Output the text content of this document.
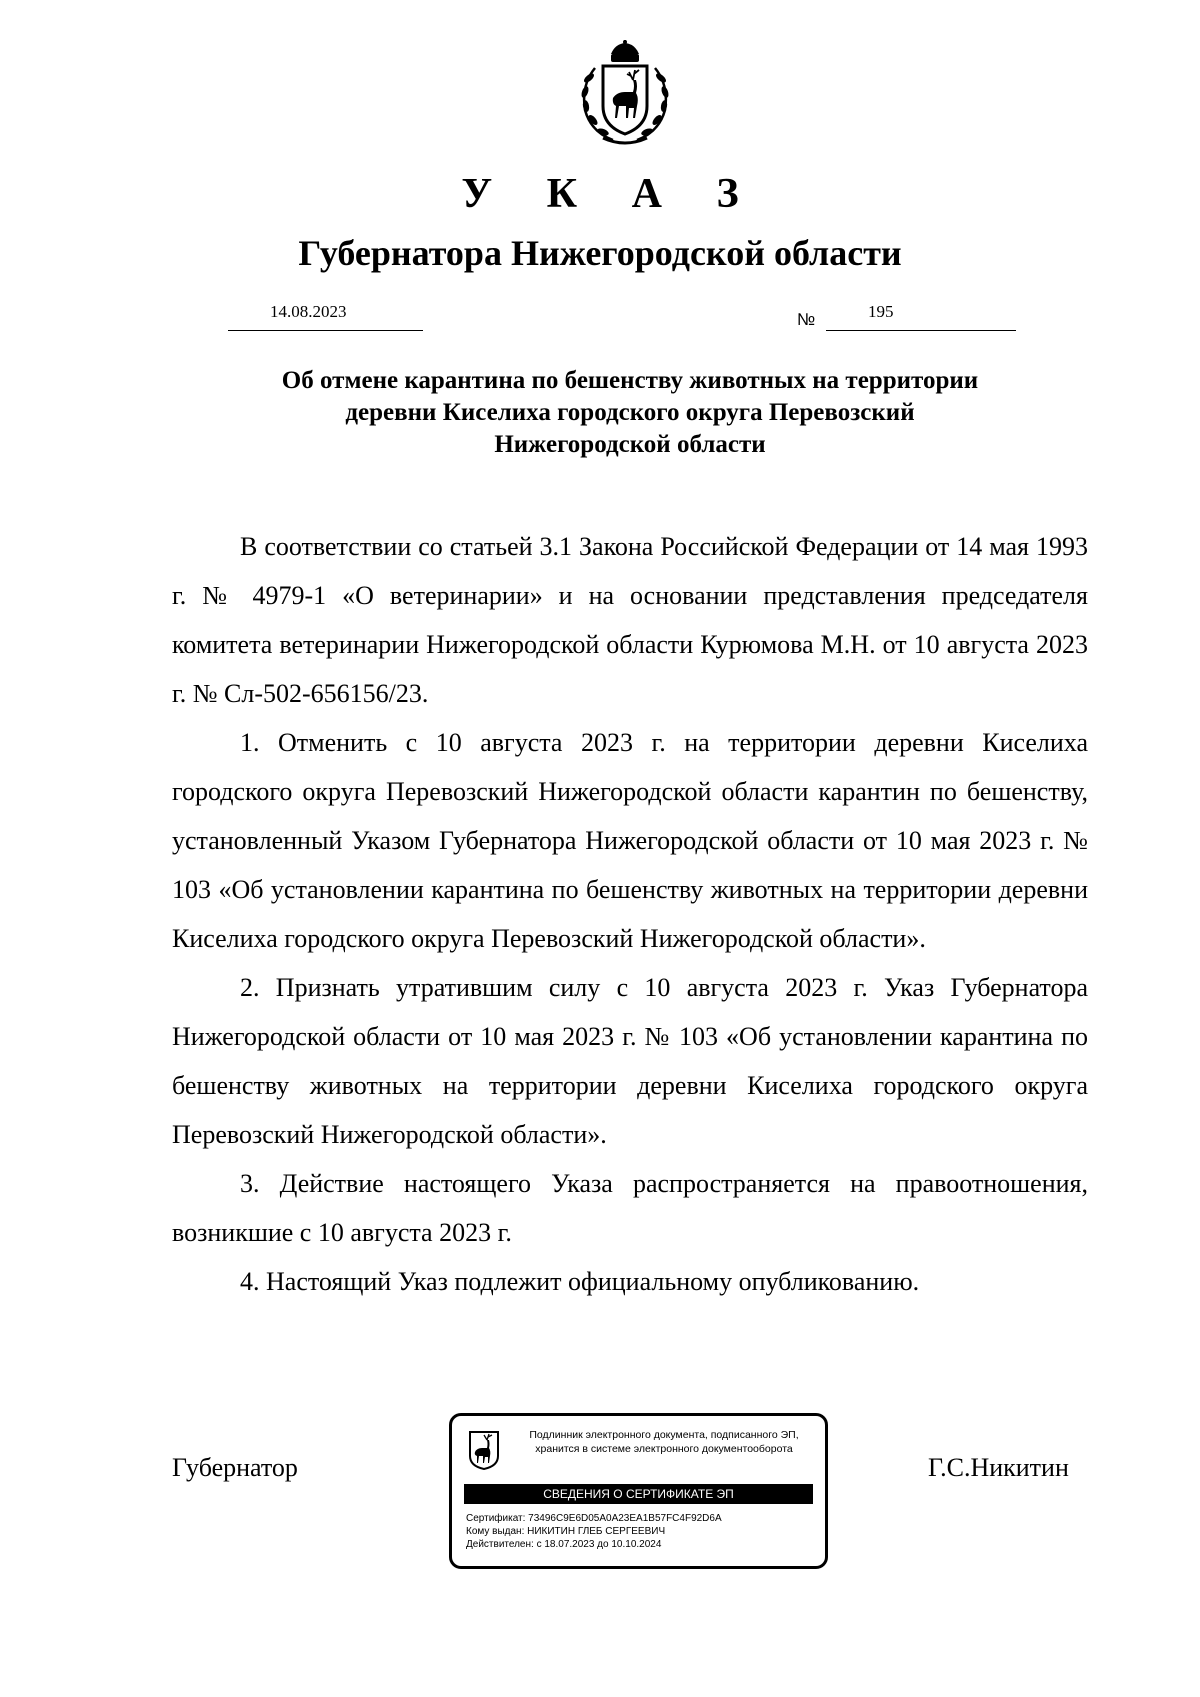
У К А З
Губернатора Нижегородской области
14.08.2023	№	195
Об отмене карантина по бешенству животных на территории
деревни Киселиха городского округа Перевозский
Нижегородской области

В соответствии со статьей 3.1 Закона Российской Федерации от 14 мая 1993 г. № 4979-1 «О ветеринарии» и на основании представления председателя комитета ветеринарии Нижегородской области Курюмова М.Н. от 10 августа 2023 г. № Сл-502-656156/23.

1. Отменить с 10 августа 2023 г. на территории деревни Киселиха городского округа Перевозский Нижегородской области карантин по бешенству, установленный Указом Губернатора Нижегородской области от 10 мая 2023 г. № 103 «Об установлении карантина по бешенству животных на территории деревни Киселиха городского округа Перевозский Нижегородской области».

2. Признать утратившим силу с 10 августа 2023 г. Указ Губернатора Нижегородской области от 10 мая 2023 г. № 103 «Об установлении карантина по бешенству животных на территории деревни Киселиха городского округа Перевозский Нижегородской области».

3. Действие настоящего Указа распространяется на правоотношения, возникшие с 10 августа 2023 г.

4. Настоящий Указ подлежит официальному опубликованию.

Губернатор	Г.С.Никитин
Подлинник электронного документа, подписанного ЭП,
хранится в системе электронного документооборота
СВЕДЕНИЯ О СЕРТИФИКАТЕ ЭП
Сертификат: 73496C9E6D05A0A23EA1B57FC4F92D6A
Кому выдан: НИКИТИН ГЛЕБ СЕРГЕЕВИЧ
Действителен: с 18.07.2023 до 10.10.2024
